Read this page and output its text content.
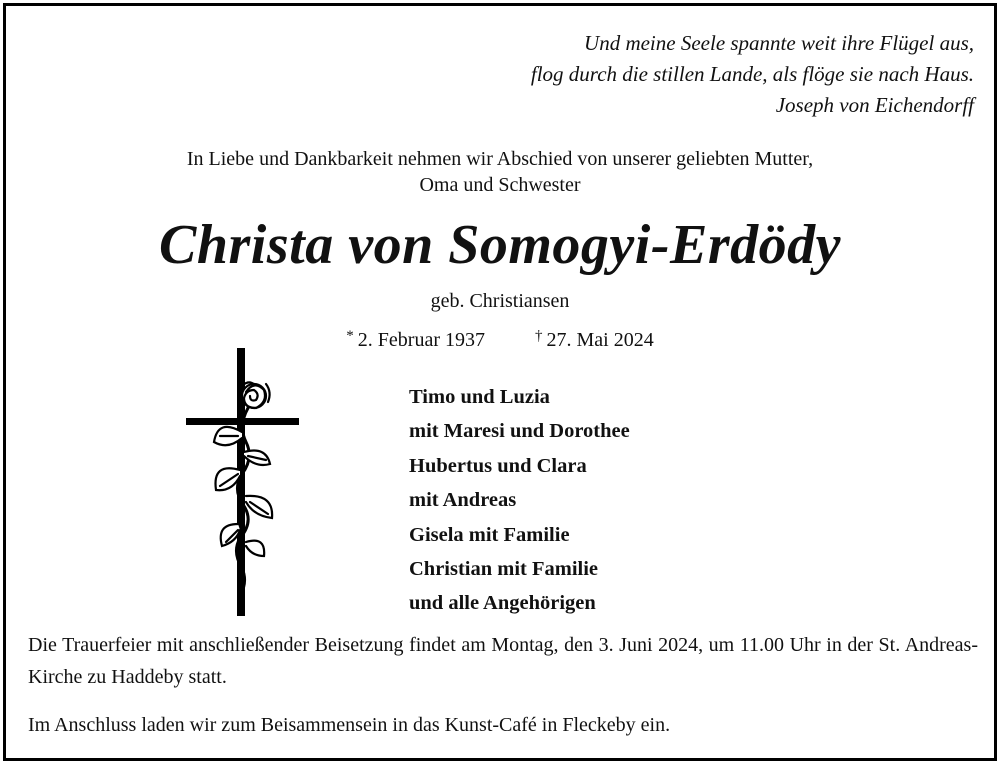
Und meine Seele spannte weit ihre Flügel aus,
flog durch die stillen Lande, als flöge sie nach Haus.
Joseph von Eichendorff
In Liebe und Dankbarkeit nehmen wir Abschied von unserer geliebten Mutter,
Oma und Schwester
Christa von Somogyi-Erdödy
geb. Christiansen
* 2. Februar 1937	† 27. Mai 2024
Timo und Luzia
mit Maresi und Dorothee
Hubertus und Clara
mit Andreas
Gisela mit Familie
Christian mit Familie
und alle Angehörigen
Die Trauerfeier mit anschließender Beisetzung findet am Montag, den 3. Juni 2024, um 11.00 Uhr in der St. Andreas-Kirche zu Haddeby statt.
Im Anschluss laden wir zum Beisammensein in das Kunst-Café in Fleckeby ein.
